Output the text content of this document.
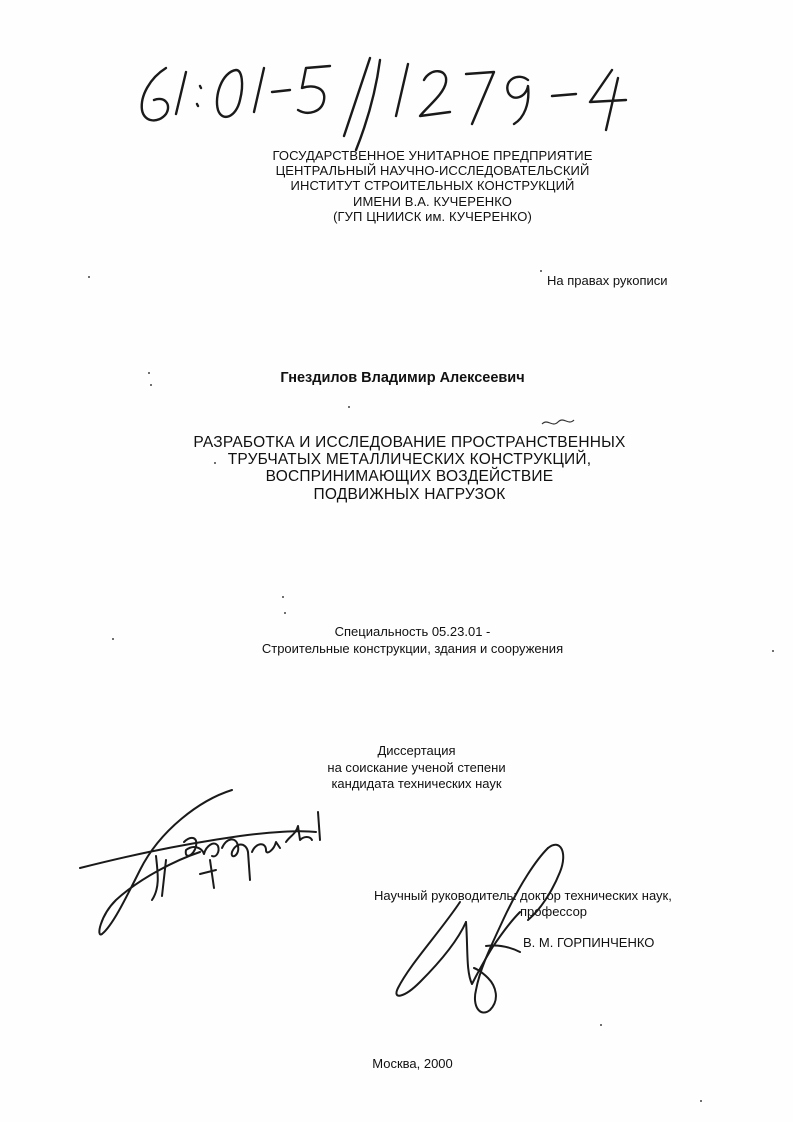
ГОСУДАРСТВЕННОЕ УНИТАРНОЕ ПРЕДПРИЯТИЕ
ЦЕНТРАЛЬНЫЙ НАУЧНО-ИССЛЕДОВАТЕЛЬСКИЙ
ИНСТИТУТ СТРОИТЕЛЬНЫХ КОНСТРУКЦИЙ
ИМЕНИ В.А. КУЧЕРЕНКО
(ГУП ЦНИИСК им. КУЧЕРЕНКО)
На правах рукописи
Гнездилов Владимир Алексеевич
РАЗРАБОТКА И ИССЛЕДОВАНИЕ ПРОСТРАНСТВЕННЫХ
ТРУБЧАТЫХ МЕТАЛЛИЧЕСКИХ КОНСТРУКЦИЙ,
ВОСПРИНИМАЮЩИХ ВОЗДЕЙСТВИЕ
ПОДВИЖНЫХ НАГРУЗОК
Специальность 05.23.01 -
Строительные конструкции, здания и сооружения
Диссертация
на соискание ученой степени
кандидата технических наук
Научный руководитель: доктор технических наук,
профессор
В. М. ГОРПИНЧЕНКО
Москва, 2000
